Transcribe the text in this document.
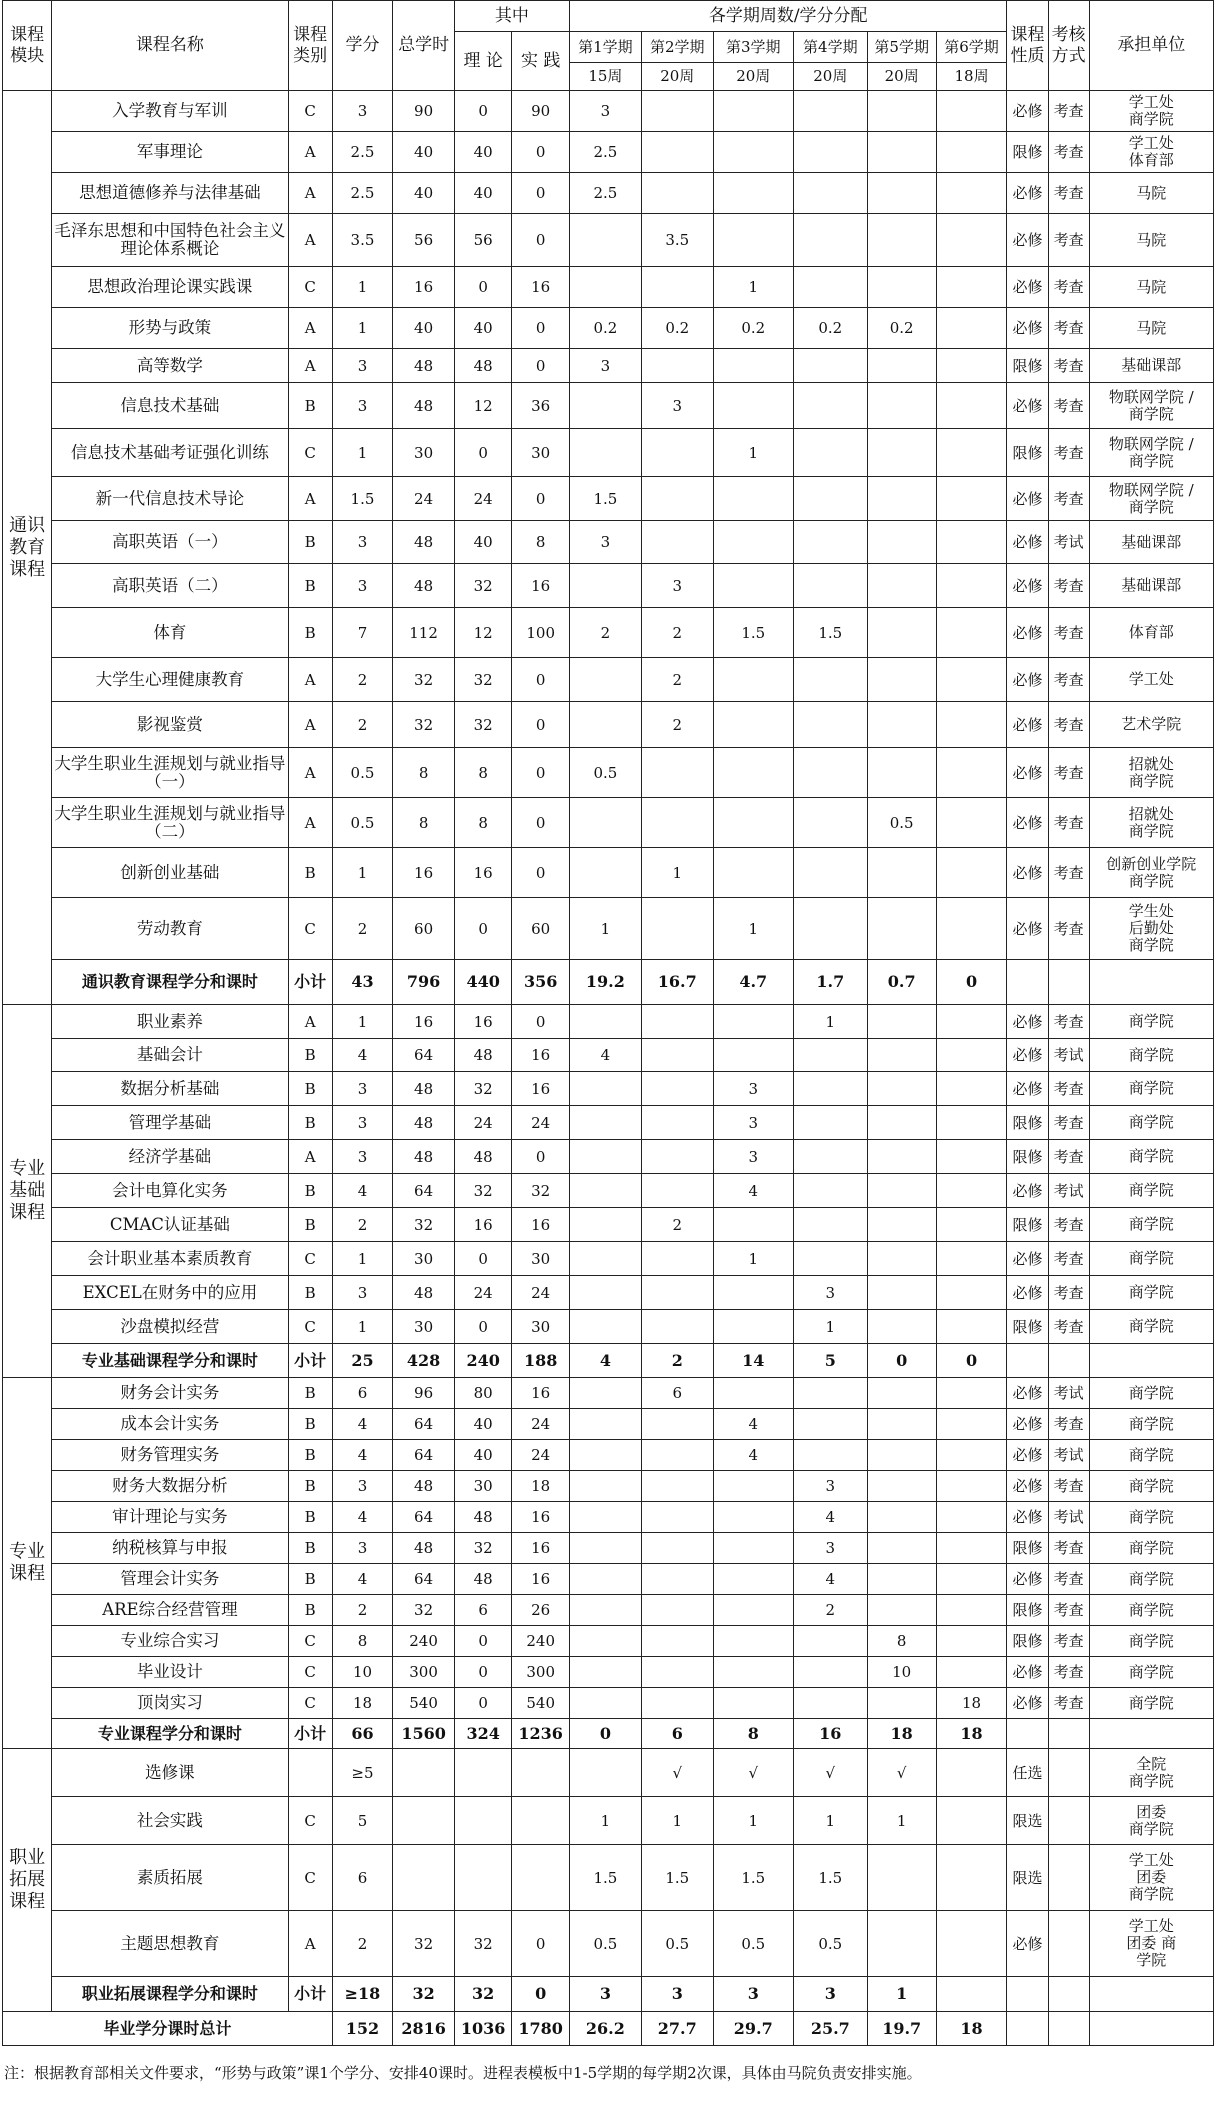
课程模块	课程名称	课程类别	学分	总学时	其中		各学期周数/学分分配						课程性质	考核方式	承担单位
					理 论	实 践	第1学期	第2学期	第3学期	第4学期	第5学期	第6学期			
							15周	20周	20周	20周	20周	18周			
通识教育课程	入学教育与军训	C	3	90	0	90	3						必修	考查	学工处
商学院

	军事理论	A	2.5	40	40	0	2.5						限修	考查	学工处
体育部

	思想道德修养与法律基础	A	2.5	40	40	0	2.5						必修	考查	马院

	毛泽东思想和中国特色社会主义理论体系概论	A	3.5	56	56	0		3.5					必修	考查	马院

	思想政治理论课实践课	C	1	16	0	16			1				必修	考查	马院

	形势与政策	A	1	40	40	0	0.2	0.2	0.2	0.2	0.2		必修	考查	马院

	高等数学	A	3	48	48	0	3						限修	考查	基础课部

	信息技术基础	B	3	48	12	36		3					必修	考查	物联网学院 /
商学院

	信息技术基础考证强化训练	C	1	30	0	30			1				限修	考查	物联网学院 /
商学院

	新一代信息技术导论	A	1.5	24	24	0	1.5						必修	考查	物联网学院 /
商学院

	高职英语（一）	B	3	48	40	8	3						必修	考试	基础课部

	高职英语（二）	B	3	48	32	16		3					必修	考查	基础课部

	体育	B	7	112	12	100	2	2	1.5	1.5			必修	考查	体育部

	大学生心理健康教育	A	2	32	32	0		2					必修	考查	学工处

	影视鉴赏	A	2	32	32	0		2					必修	考查	艺术学院

	大学生职业生涯规划与就业指导（一）	A	0.5	8	8	0	0.5						必修	考查	招就处
商学院

	大学生职业生涯规划与就业指导（二）	A	0.5	8	8	0					0.5		必修	考查	招就处
商学院

	创新创业基础	B	1	16	16	0		1					必修	考查	创新创业学院
商学院

	劳动教育	C	2	60	0	60	1		1				必修	考查	学生处
后勤处
商学院

	通识教育课程学分和课时	小计	43	796	440	356	19.2	16.7	4.7	1.7	0.7	0			
专业基础课程	职业素养	A	1	16	16	0				1			必修	考查	商学院

	基础会计	B	4	64	48	16	4						必修	考试	商学院

	数据分析基础	B	3	48	32	16			3				必修	考查	商学院

	管理学基础	B	3	48	24	24			3				限修	考查	商学院

	经济学基础	A	3	48	48	0			3				限修	考查	商学院

	会计电算化实务	B	4	64	32	32			4				必修	考试	商学院

	CMAC认证基础	B	2	32	16	16		2					限修	考查	商学院

	会计职业基本素质教育	C	1	30	0	30			1				必修	考查	商学院

	EXCEL在财务中的应用	B	3	48	24	24				3			必修	考查	商学院

	沙盘模拟经营	C	1	30	0	30				1			限修	考查	商学院

	专业基础课程学分和课时	小计	25	428	240	188	4	2	14	5	0	0			
专业课程	财务会计实务	B	6	96	80	16		6					必修	考试	商学院

	成本会计实务	B	4	64	40	24			4				必修	考查	商学院

	财务管理实务	B	4	64	40	24			4				必修	考试	商学院

	财务大数据分析	B	3	48	30	18				3			必修	考查	商学院

	审计理论与实务	B	4	64	48	16				4			必修	考试	商学院

	纳税核算与申报	B	3	48	32	16				3			限修	考查	商学院

	管理会计实务	B	4	64	48	16				4			必修	考查	商学院

	ARE综合经营管理	B	2	32	6	26				2			限修	考查	商学院

	专业综合实习	C	8	240	0	240					8		限修	考查	商学院

	毕业设计	C	10	300	0	300					10		必修	考查	商学院

	顶岗实习	C	18	540	0	540						18	必修	考查	商学院

	专业课程学分和课时	小计	66	1560	324	1236	0	6	8	16	18	18			
职业拓展课程	选修课		≥5					√	√	√	√		任选		全院
商学院

	社会实践	C	5				1	1	1	1	1		限选		团委
商学院

	素质拓展	C	6				1.5	1.5	1.5	1.5			限选		学工处
团委
商学院

	主题思想教育	A	2	32	32	0	0.5	0.5	0.5	0.5			必修		学工处
团委 商
学院

	职业拓展课程学分和课时	小计	≥18	32	32	0	3	3	3	3	1				
毕业学分课时总计			152	2816	1036	1780	26.2	27.7	29.7	25.7	19.7	18			
注：根据教育部相关文件要求，“形势与政策”课1个学分、安排40课时。进程表模板中1-5学期的每学期2次课，具体由马院负责安排实施。
